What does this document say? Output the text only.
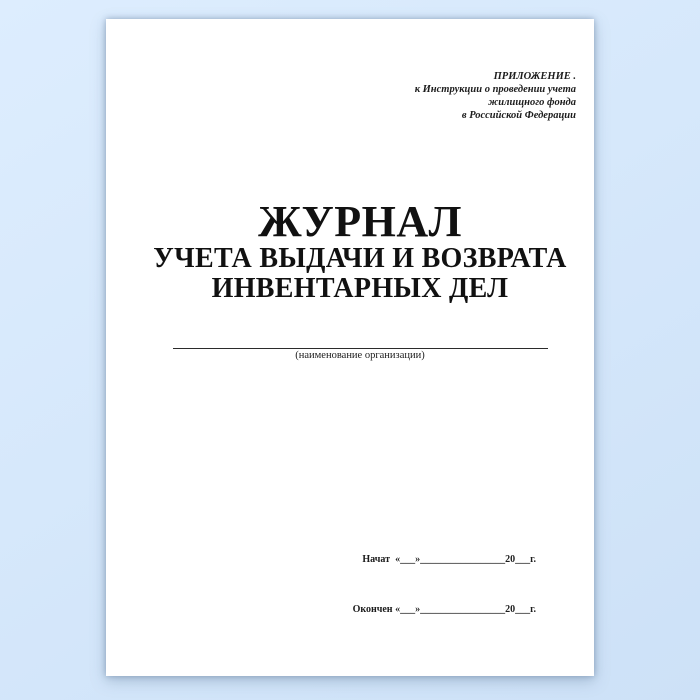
ПРИЛОЖЕНИЕ .
к Инструкции о проведении учета
жилищного фонда
в Российской Федерации
ЖУРНАЛ
УЧЕТА ВЫДАЧИ И ВОЗВРАТА
ИНВЕНТАРНЫХ ДЕЛ
(наименование организации)

Начат  «___»_________________20___г.

Окончен «___»_________________20___г.
